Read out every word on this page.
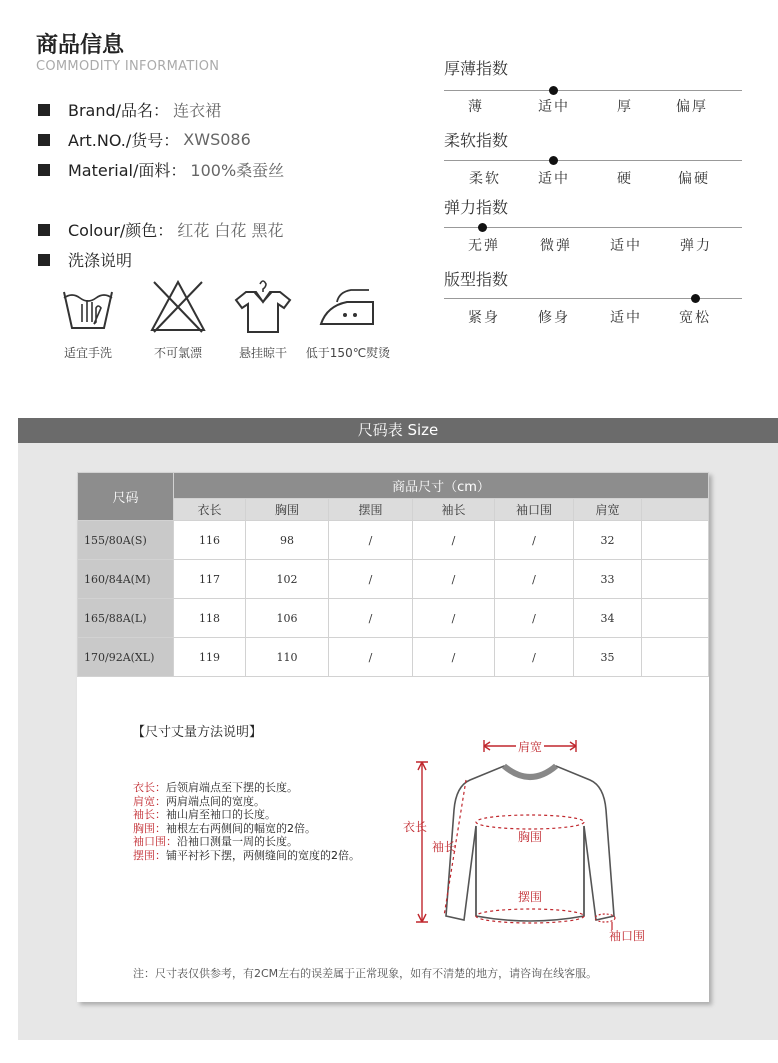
商品信息
COMMODITY INFORMATION
Brand/品名： 连衣裙
Art.NO./货号： XWS086
Material/面料： 100%桑蚕丝
Colour/颜色： 红花 白花 黑花
洗涤说明
适宜手洗	不可氯漂	悬挂晾干	低于150℃熨烫
厚薄指数
薄	适中	厚	偏厚
柔软指数
柔软	适中	硬	偏硬
弹力指数
无弹	微弹	适中	弹力
版型指数
紧身	修身	适中	宽松
尺码表 Size
尺码	商品尺寸（cm）						
	衣长	胸围	摆围	袖长	袖口围	肩宽	
155/80A(S)	116	98	/	/	/	32	
160/84A(M)	117	102	/	/	/	33	
165/88A(L)	118	106	/	/	/	34	
170/92A(XL)	119	110	/	/	/	35	
【尺寸丈量方法说明】
衣长：后领肩端点至下摆的长度。
肩宽：两肩端点间的宽度。
袖长：袖山肩至袖口的长度。
胸围：袖根左右两侧间的幅宽的2倍。
袖口围：沿袖口测量一周的长度。
摆围：铺平衬衫下摆，两侧缝间的宽度的2倍。
肩宽
衣长
袖长
胸围
摆围
袖口围
注：尺寸表仅供参考，有2CM左右的误差属于正常现象，如有不清楚的地方，请咨询在线客服。
